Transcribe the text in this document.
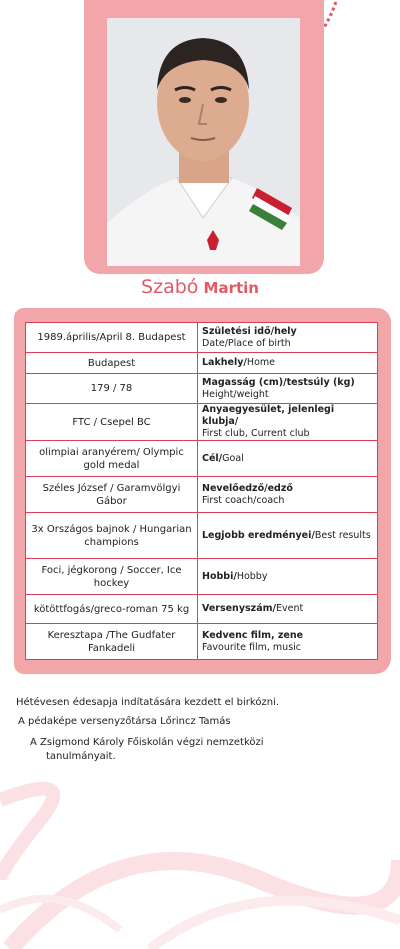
Szabó Martin
1989.április/April 8. Budapest	Születési idő/hely
Date/Place of birth
Budapest	Lakhely/Home
179 / 78	Magasság (cm)/testsúly (kg)
Height/weight
FTC / Csepel BC	Anyaegyesület, jelenlegi klubja/
First club, Current club
olimpiai aranyérem/ Olympic gold medal	Cél/Goal
Széles József / Garamvölgyi Gábor	Nevelőedző/edző
First coach/coach
3x Országos bajnok / Hungarian champions	Legjobb eredményei/Best results
Foci, jégkorong / Soccer, Ice hockey	Hobbi/Hobby
kötöttfogás/greco-roman 75 kg	Versenyszám/Event
Keresztapa /The Gudfater Fankadeli	Kedvenc film, zene
Favourite film, music
Hétévesen édesapja indítatására kezdett el birkózni.
A pédaképe versenyzőtársa Lőrincz Tamás
A Zsigmond Károly Főiskolán végzi nemzetközi
tanulmányait.
